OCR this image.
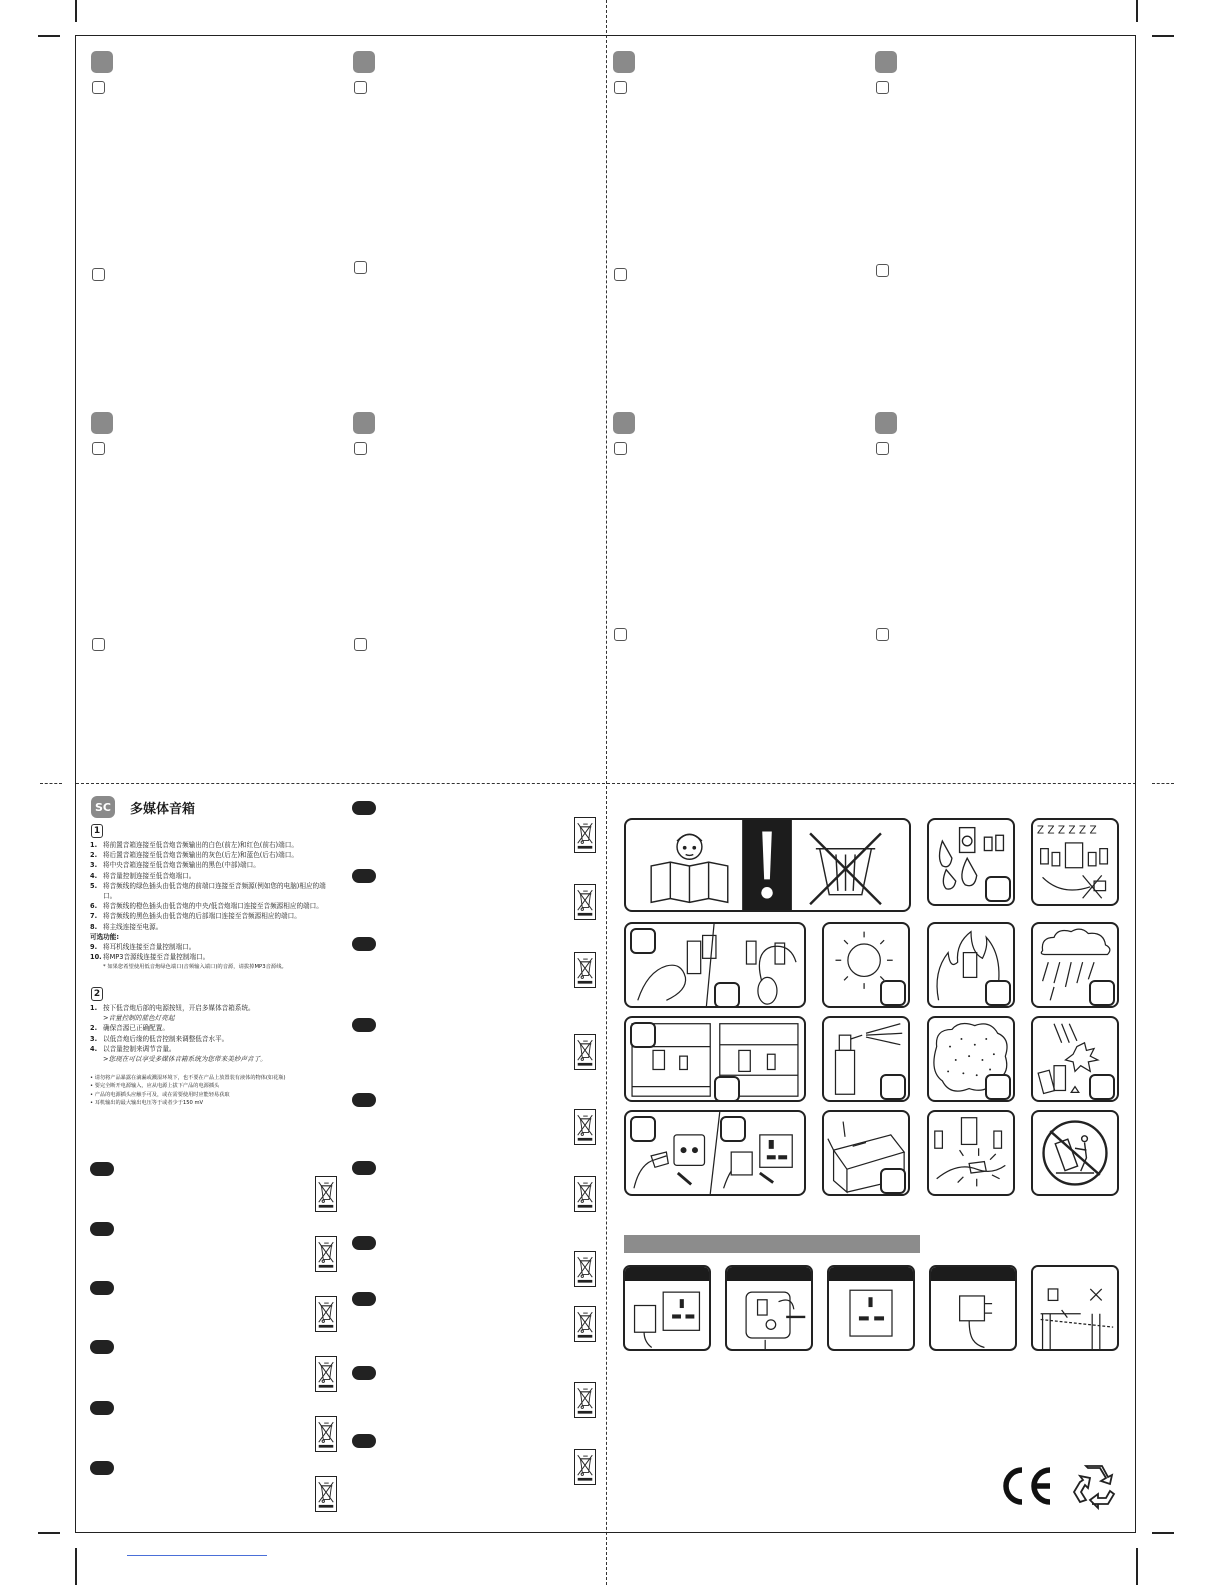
SC	多媒体音箱
1
1. 将前置音箱连接至低音炮音频输出的白色(前左)和红色(前右)端口。
2. 将后置音箱连接至低音炮音频输出的灰色(后左)和蓝色(后右)端口。
3. 将中央音箱连接至低音炮音频输出的黑色(中部)端口。
4. 将音量控制连接至低音炮端口。
5. 将音频线的绿色插头由低音炮的前端口连接至音频源(例如您的电脑)相应的端口。
6. 将音频线的橙色插头由低音炮的中央/低音炮端口连接至音频源相应的端口。
7. 将音频线的黑色插头由低音炮的后部端口连接至音频源相应的端口。
8. 将主线连接至电源。
可选功能:
9. 将耳机线连接至音量控制端口。
10. 将MP3音源线连接至音量控制端口。
* 如果您希望使用低音炮绿色端口(音频输入端口)的音源，请拔掉MP3音源线。
2
1. 按下低音炮后部的电源按钮，开启多媒体音箱系统。
>音量控制的蓝色灯亮起
2. 确保音源已正确配置。
3. 以低音炮后缘的低音控制来调整低音水平。
4. 以音量控制来调节音量。
>您现在可以享受多媒体音箱系统为您带来美妙声音了。
• 请勿将产品暴露在滴漏或溅湿环境下，也不要在产品上放置装有液体的物体(如花瓶)
• 要完全断开电源输入，应从电源上拔下产品的电源插头
• 产品的电源插头应触手可及，或在需要使用时应能轻易获取
• 耳机输出的最大输出电压等于或者少于150 mV
Z Z Z Z Z Z
